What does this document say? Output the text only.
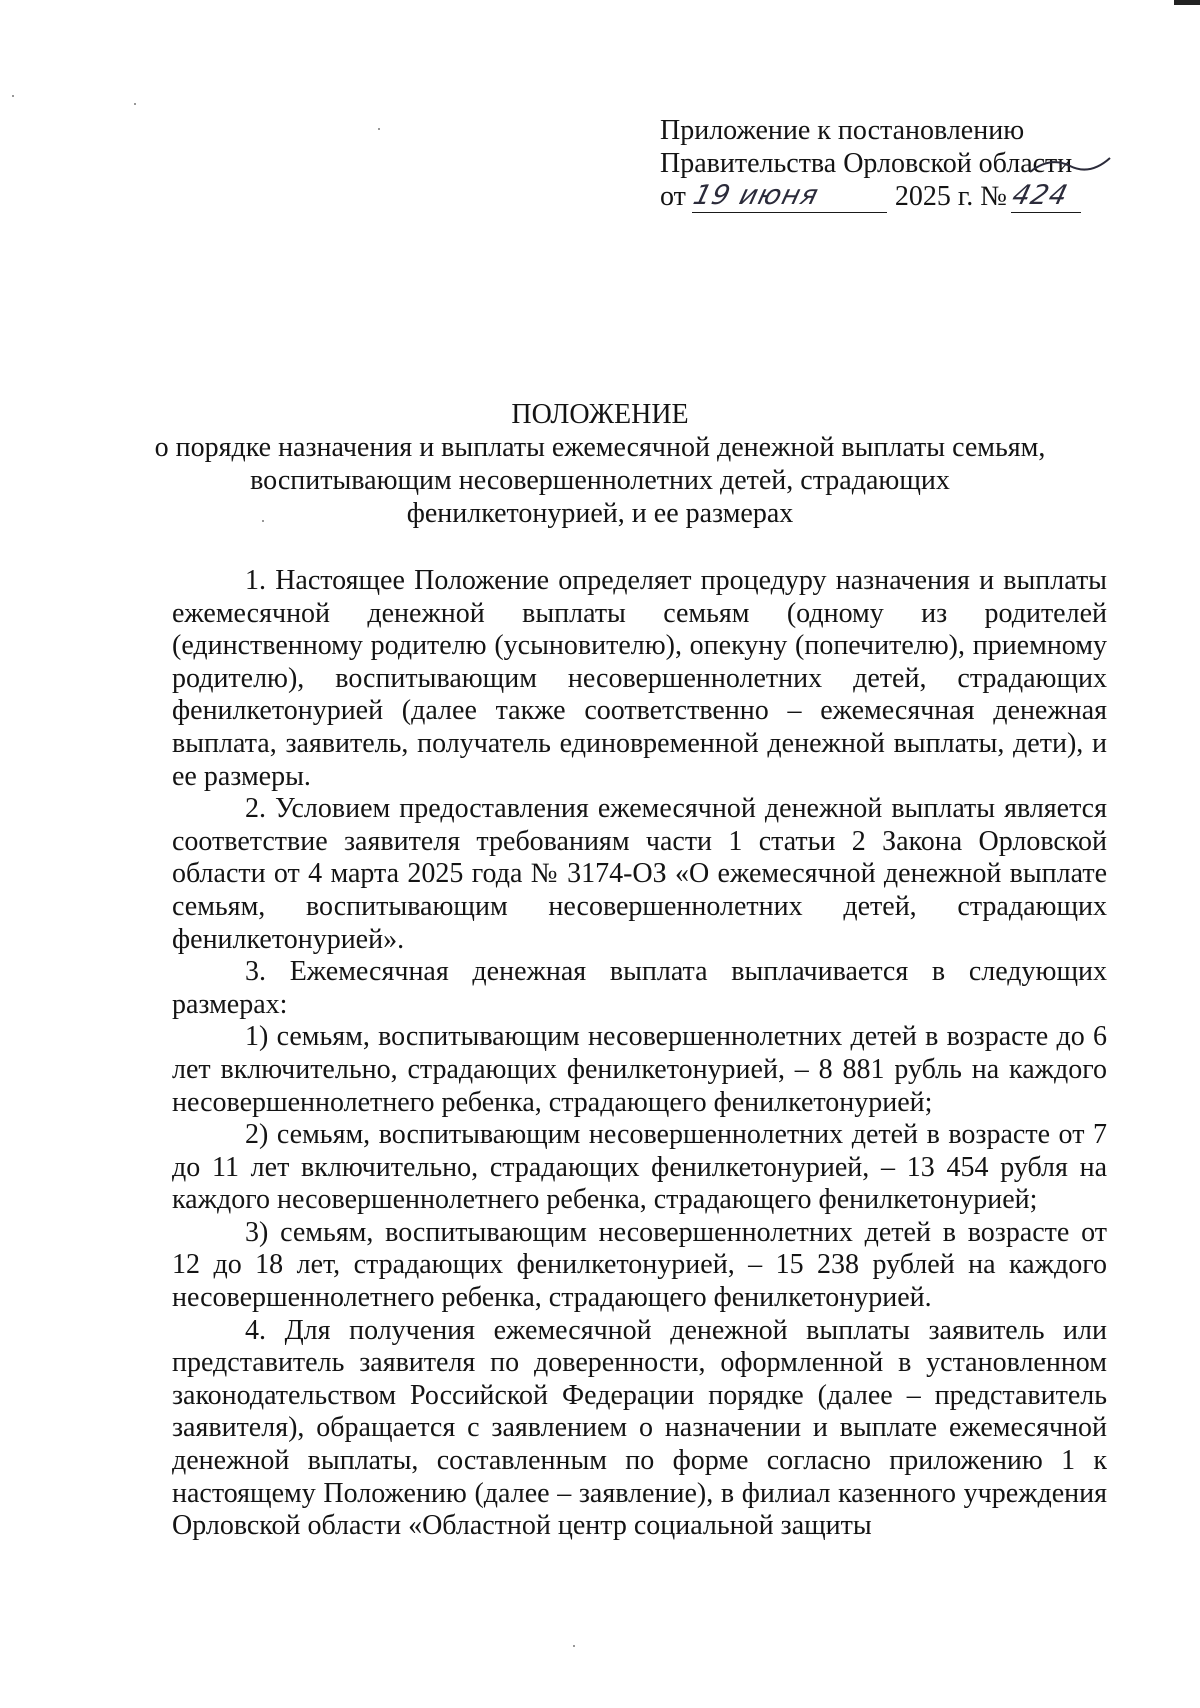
Приложение к постановлению
Правительства Орловской области
от 19 июня	2025 г. № 424
ПОЛОЖЕНИЕ
о порядке назначения и выплаты ежемесячной денежной выплаты семьям,
воспитывающим несовершеннолетних детей, страдающих
фенилкетонурией, и ее размерах

1. Настоящее Положение определяет процедуру назначения и выплаты ежемесячной денежной выплаты семьям (одному из родителей (единственному родителю (усыновителю), опекуну (попечителю), приемному родителю), воспитывающим несовершеннолетних детей, страдающих фенилкетонурией (далее также соответственно – ежемесячная денежная выплата, заявитель, получатель единовременной денежной выплаты, дети), и ее размеры.

2. Условием предоставления ежемесячной денежной выплаты является соответствие заявителя требованиям части 1 статьи 2 Закона Орловской области от 4 марта 2025 года № 3174-ОЗ «О ежемесячной денежной выплате семьям, воспитывающим несовершеннолетних детей, страдающих фенилкетонурией».

3. Ежемесячная денежная выплата выплачивается в следующих размерах:

1) семьям, воспитывающим несовершеннолетних детей в возрасте до 6 лет включительно, страдающих фенилкетонурией, – 8 881 рубль на каждого несовершеннолетнего ребенка, страдающего фенилкетонурией;

2) семьям, воспитывающим несовершеннолетних детей в возрасте от 7 до 11 лет включительно, страдающих фенилкетонурией, – 13 454 рубля на каждого несовершеннолетнего ребенка, страдающего фенилкетонурией;

3) семьям, воспитывающим несовершеннолетних детей в возрасте от 12 до 18 лет, страдающих фенилкетонурией, – 15 238 рублей на каждого несовершеннолетнего ребенка, страдающего фенилкетонурией.

4. Для получения ежемесячной денежной выплаты заявитель или представитель заявителя по доверенности, оформленной в установленном законодательством Российской Федерации порядке (далее – представитель заявителя), обращается с заявлением о назначении и выплате ежемесячной денежной выплаты, составленным по форме согласно приложению 1 к настоящему Положению (далее – заявление), в филиал казенного учреждения Орловской области «Областной центр социальной защиты
